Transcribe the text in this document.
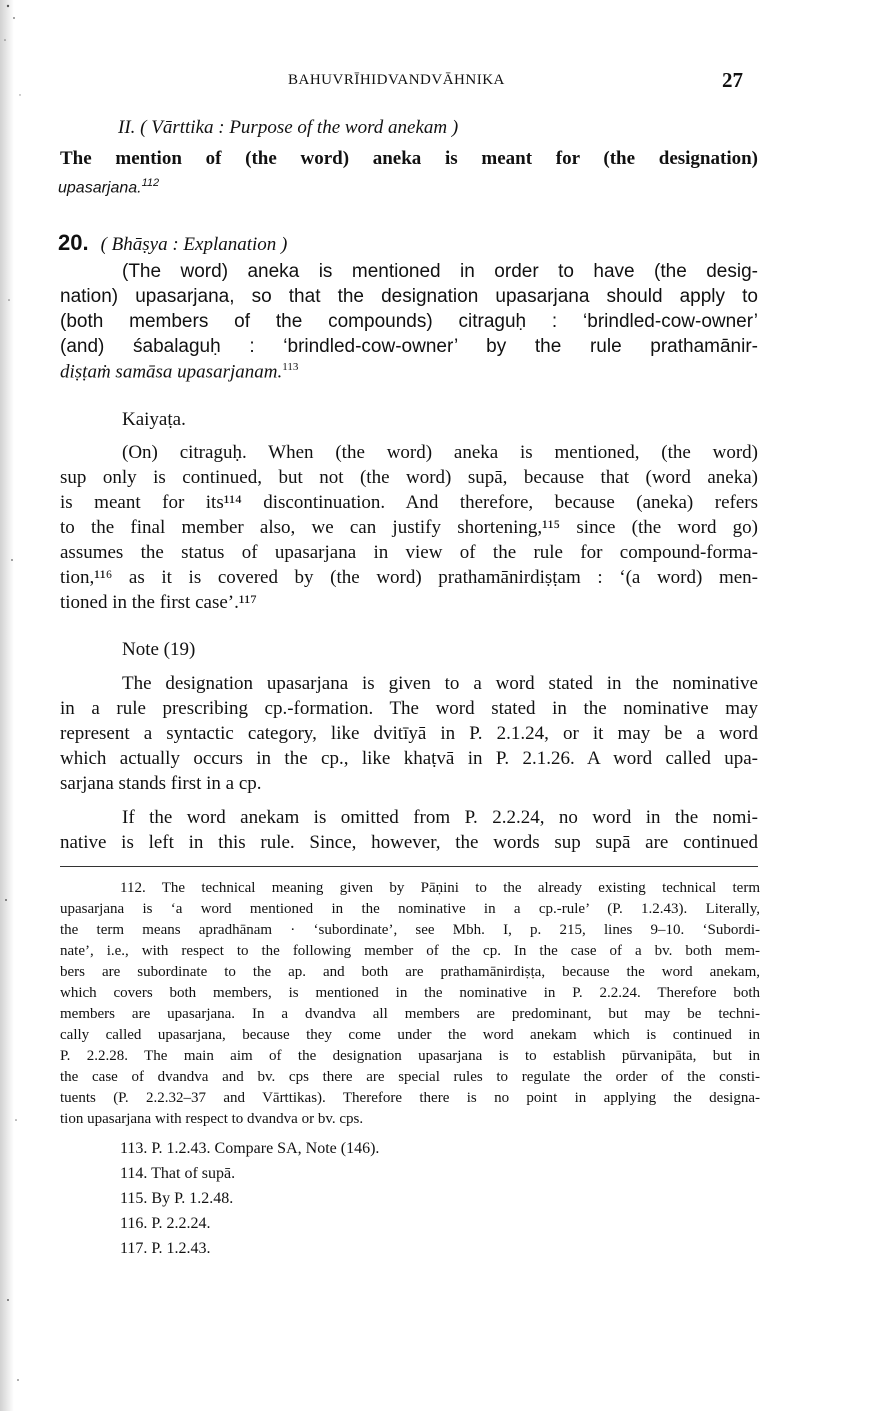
BAHUVRĪHIDVANDVĀHNIKA	27
II. ( Vārttika : Purpose of the word anekam )
The mention of (the word) aneka is meant for (the designation)
upasarjana.$^{112}$
20. ( Bhāṣya : Explanation )
(The word) aneka is mentioned in order to have (the desig-
nation) upasarjana, so that the designation upasarjana should apply to
(both members of the compounds) citraguḥ : ‘brindled-cow-owner’
(and) śabalaguḥ : ‘brindled-cow-owner’ by the rule prathamānir-
diṣṭaṁ samāsa upasarjanam.$^{113}$
Kaiyaṭa.
(On) citraguḥ. When (the word) aneka is mentioned, (the word)
sup only is continued, but not (the word) supā, because that (word aneka)
is meant for its¹¹⁴ discontinuation. And therefore, because (aneka) refers
to the final member also, we can justify shortening,¹¹⁵ since (the word go)
assumes the status of upasarjana in view of the rule for compound-forma-
tion,¹¹⁶ as it is covered by (the word) prathamānirdiṣṭam : ‘(a word) men-
tioned in the first case’.¹¹⁷
Note (19)
The designation upasarjana is given to a word stated in the nominative
in a rule prescribing cp.-formation. The word stated in the nominative may
represent a syntactic category, like dvitīyā in P. 2.1.24, or it may be a word
which actually occurs in the cp., like khaṭvā in P. 2.1.26. A word called upa-
sarjana stands first in a cp.
If the word anekam is omitted from P. 2.2.24, no word in the nomi-
native is left in this rule. Since, however, the words sup supā are continued
112. The technical meaning given by Pāṇini to the already existing technical term
upasarjana is ‘a word mentioned in the nominative in a cp.-rule’ (P. 1.2.43). Literally,
the term means apradhānam · ‘subordinate’, see Mbh. I, p. 215, lines 9–10. ‘Subordi-
nate’, i.e., with respect to the following member of the cp. In the case of a bv. both mem-
bers are subordinate to the ap. and both are prathamānirdiṣṭa, because the word anekam,
which covers both members, is mentioned in the nominative in P. 2.2.24. Therefore both
members are upasarjana. In a dvandva all members are predominant, but may be techni-
cally called upasarjana, because they come under the word anekam which is continued in
P. 2.2.28. The main aim of the designation upasarjana is to establish pūrvanipāta, but in
the case of dvandva and bv. cps there are special rules to regulate the order of the consti-
tuents (P. 2.2.32–37 and Vārttikas). Therefore there is no point in applying the designa-
tion upasarjana with respect to dvandva or bv. cps.
113. P. 1.2.43. Compare SA, Note (146).
114. That of supā.
115. By P. 1.2.48.
116. P. 2.2.24.
117. P. 1.2.43.
